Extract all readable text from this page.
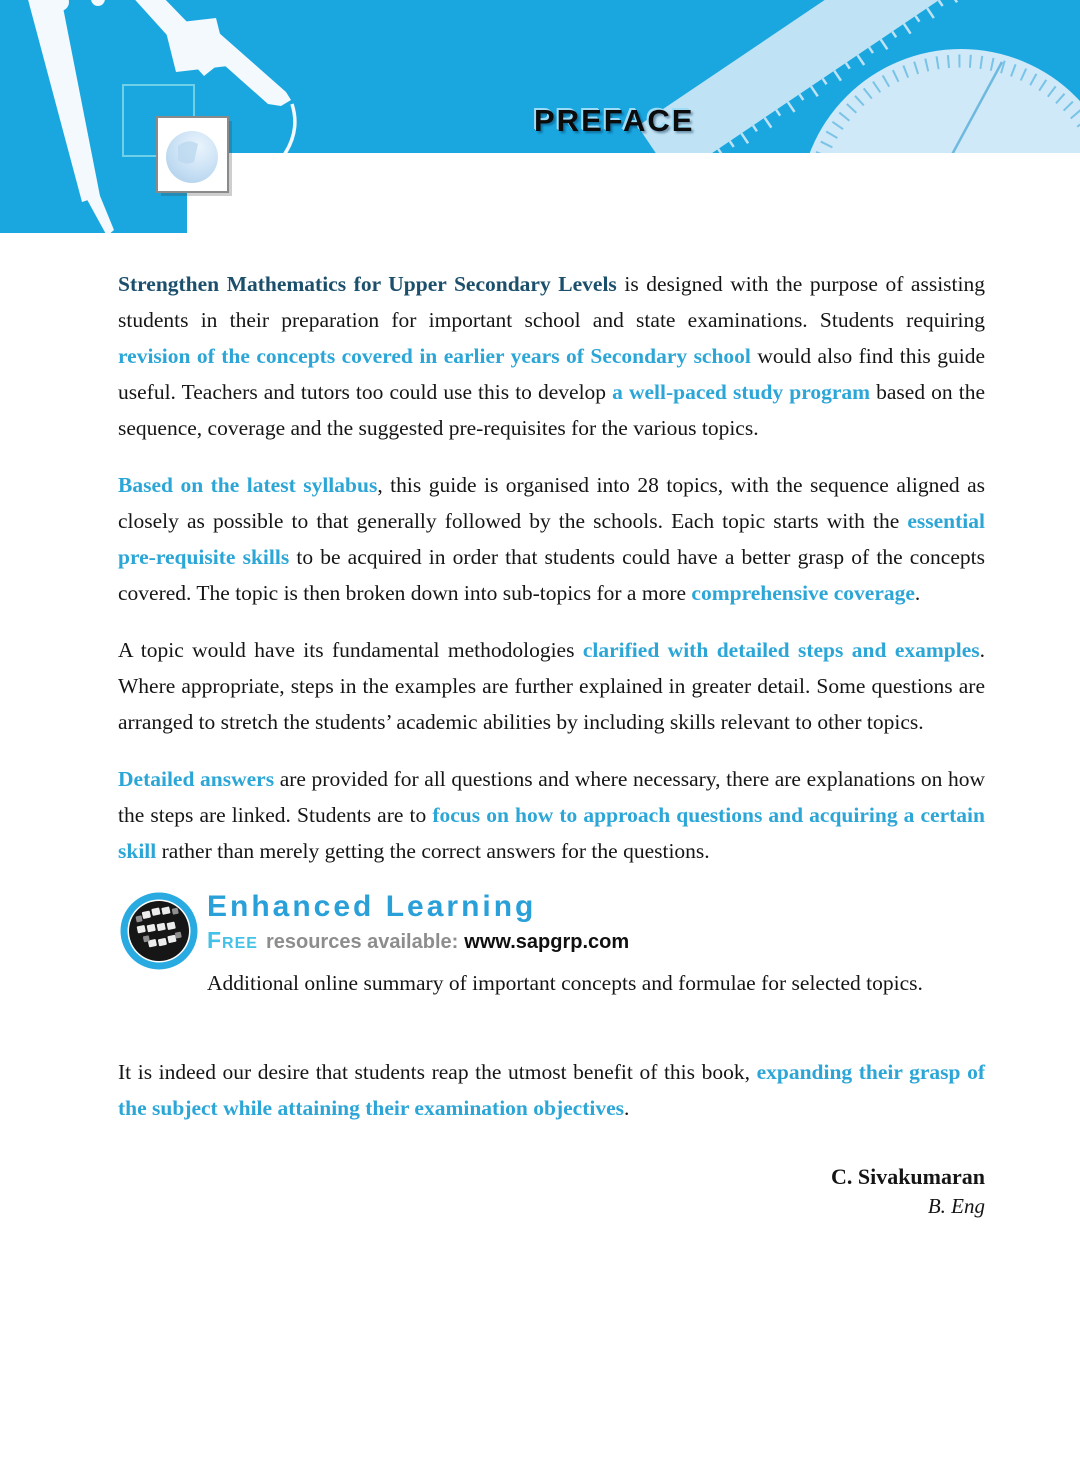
PREFACE

Strengthen Mathematics for Upper Secondary Levels is designed with the purpose of assisting students in their preparation for important school and state examinations. Students requiring revision of the concepts covered in earlier years of Secondary school would also find this guide useful. Teachers and tutors too could use this to develop a well-paced study program based on the sequence, coverage and the suggested pre-requisites for the various topics.

Based on the latest syllabus, this guide is organised into 28 topics, with the sequence aligned as closely as possible to that generally followed by the schools. Each topic starts with the essential pre-requisite skills to be acquired in order that students could have a better grasp of the concepts covered. The topic is then broken down into sub-topics for a more comprehensive coverage.

A topic would have its fundamental methodologies clarified with detailed steps and examples. Where appropriate, steps in the examples are further explained in greater detail. Some questions are arranged to stretch the students’ academic abilities by including skills relevant to other topics.

Detailed answers are provided for all questions and where necessary, there are explanations on how the steps are linked. Students are to focus on how to approach questions and acquiring a certain skill rather than merely getting the correct answers for the questions.

Enhanced Learning
Free resources available: www.sapgrp.com

Additional online summary of important concepts and formulae for selected topics.

It is indeed our desire that students reap the utmost benefit of this book, expanding their grasp of the subject while attaining their examination objectives.

C. Sivakumaran
B. Eng
